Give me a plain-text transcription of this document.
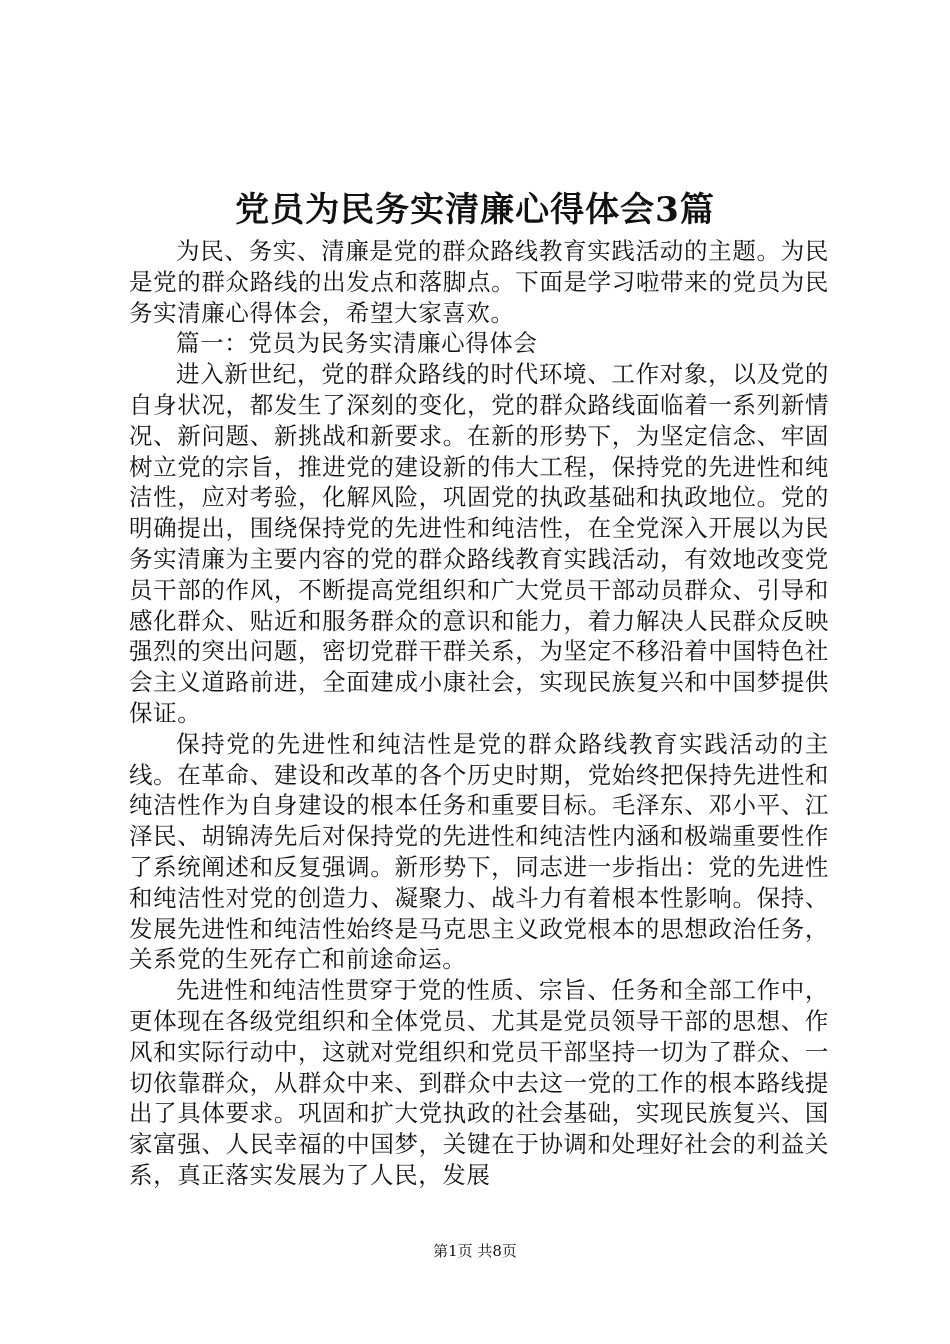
党员为民务实清廉心得体会3篇

为民、务实、清廉是党的群众路线教育实践活动的主题。为民是党的群众路线的出发点和落脚点。下面是学习啦带来的党员为民务实清廉心得体会，希望大家喜欢。

篇一：党员为民务实清廉心得体会

进入新世纪，党的群众路线的时代环境、工作对象，以及党的自身状况，都发生了深刻的变化，党的群众路线面临着一系列新情况、新问题、新挑战和新要求。在新的形势下，为坚定信念、牢固树立党的宗旨，推进党的建设新的伟大工程，保持党的先进性和纯洁性，应对考验，化解风险，巩固党的执政基础和执政地位。党的明确提出，围绕保持党的先进性和纯洁性，在全党深入开展以为民务实清廉为主要内容的党的群众路线教育实践活动，有效地改变党员干部的作风，不断提高党组织和广大党员干部动员群众、引导和感化群众、贴近和服务群众的意识和能力，着力解决人民群众反映强烈的突出问题，密切党群干群关系，为坚定不移沿着中国特色社会主义道路前进，全面建成小康社会，实现民族复兴和中国梦提供保证。

保持党的先进性和纯洁性是党的群众路线教育实践活动的主线。在革命、建设和改革的各个历史时期，党始终把保持先进性和纯洁性作为自身建设的根本任务和重要目标。毛泽东、邓小平、江泽民、胡锦涛先后对保持党的先进性和纯洁性内涵和极端重要性作了系统阐述和反复强调。新形势下，同志进一步指出：党的先进性和纯洁性对党的创造力、凝聚力、战斗力有着根本性影响。保持、发展先进性和纯洁性始终是马克思主义政党根本的思想政治任务，关系党的生死存亡和前途命运。

先进性和纯洁性贯穿于党的性质、宗旨、任务和全部工作中，更体现在各级党组织和全体党员、尤其是党员领导干部的思想、作风和实际行动中，这就对党组织和党员干部坚持一切为了群众、一切依靠群众，从群众中来、到群众中去这一党的工作的根本路线提出了具体要求。巩固和扩大党执政的社会基础，实现民族复兴、国家富强、人民幸福的中国梦，关键在于协调和处理好社会的利益关系，真正落实发展为了人民，发展

第1页 共8页
